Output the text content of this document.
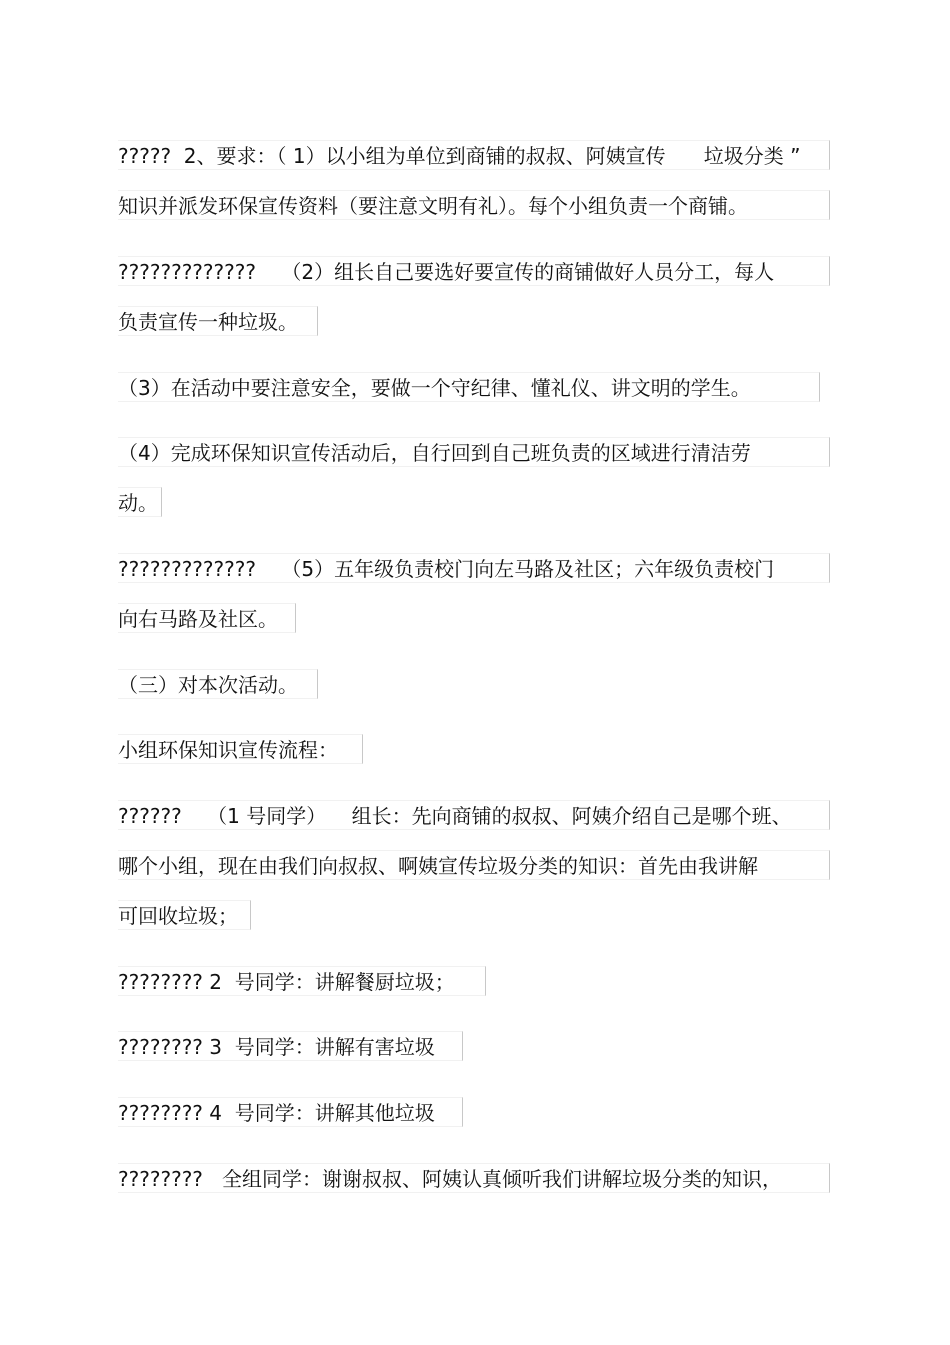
?????  2、要求：（ 1）以小组为单位到商铺的叔叔、阿姨宣传      垃圾分类 ”
知识并派发环保宣传资料（要注意文明有礼）。每个小组负责一个商铺。
?????????????    （2）组长自己要选好要宣传的商铺做好人员分工，每人
负责宣传一种垃圾。
（3）在活动中要注意安全，要做一个守纪律、懂礼仪、讲文明的学生。
（4）完成环保知识宣传活动后，自行回到自己班负责的区域进行清洁劳
动。
?????????????    （5）五年级负责校门向左马路及社区；六年级负责校门
向右马路及社区。
（三）对本次活动。
小组环保知识宣传流程：
??????    （1 号同学）    组长：先向商铺的叔叔、阿姨介绍自己是哪个班、
哪个小组，现在由我们向叔叔、啊姨宣传垃圾分类的知识：首先由我讲解
可回收垃圾；
???????? 2  号同学：讲解餐厨垃圾；
???????? 3  号同学：讲解有害垃圾
???????? 4  号同学：讲解其他垃圾
????????   全组同学：谢谢叔叔、阿姨认真倾听我们讲解垃圾分类的知识，
